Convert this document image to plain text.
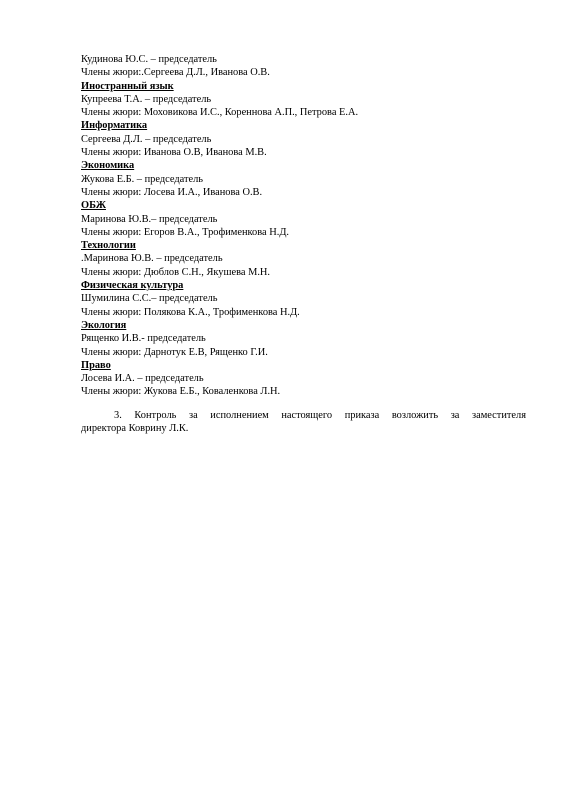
Кудинова Ю.С. – председатель
Члены жюри:.Сергеева Д.Л., Иванова О.В.
Иностранный язык
Купреева Т.А. – председатель
Члены жюри: Моховикова И.С., Кореннова А.П., Петрова Е.А.
Информатика
Сергеева Д.Л. – председатель
Члены жюри: Иванова О.В, Иванова М.В.
Экономика
Жукова Е.Б. – председатель
Члены жюри: Лосева И.А., Иванова О.В.
ОБЖ
Маринова Ю.В.– председатель
Члены жюри: Егоров В.А., Трофименкова Н.Д.
Технологии
.Маринова Ю.В. – председатель
Члены жюри: Дюблов С.Н., Якушева М.Н.
Физическая культура
Шумилина С.С.– председатель
Члены жюри: Полякова К.А., Трофименкова Н.Д.
Экология
Рященко И.В.- председатель
Члены жюри: Дарнотук Е.В, Рященко Г.И.
Право
Лосева И.А. – председатель
Члены жюри: Жукова Е.Б., Коваленкова Л.Н.
3. Контроль за исполнением настоящего приказа возложить за заместителя
директора Коврину Л.К.
